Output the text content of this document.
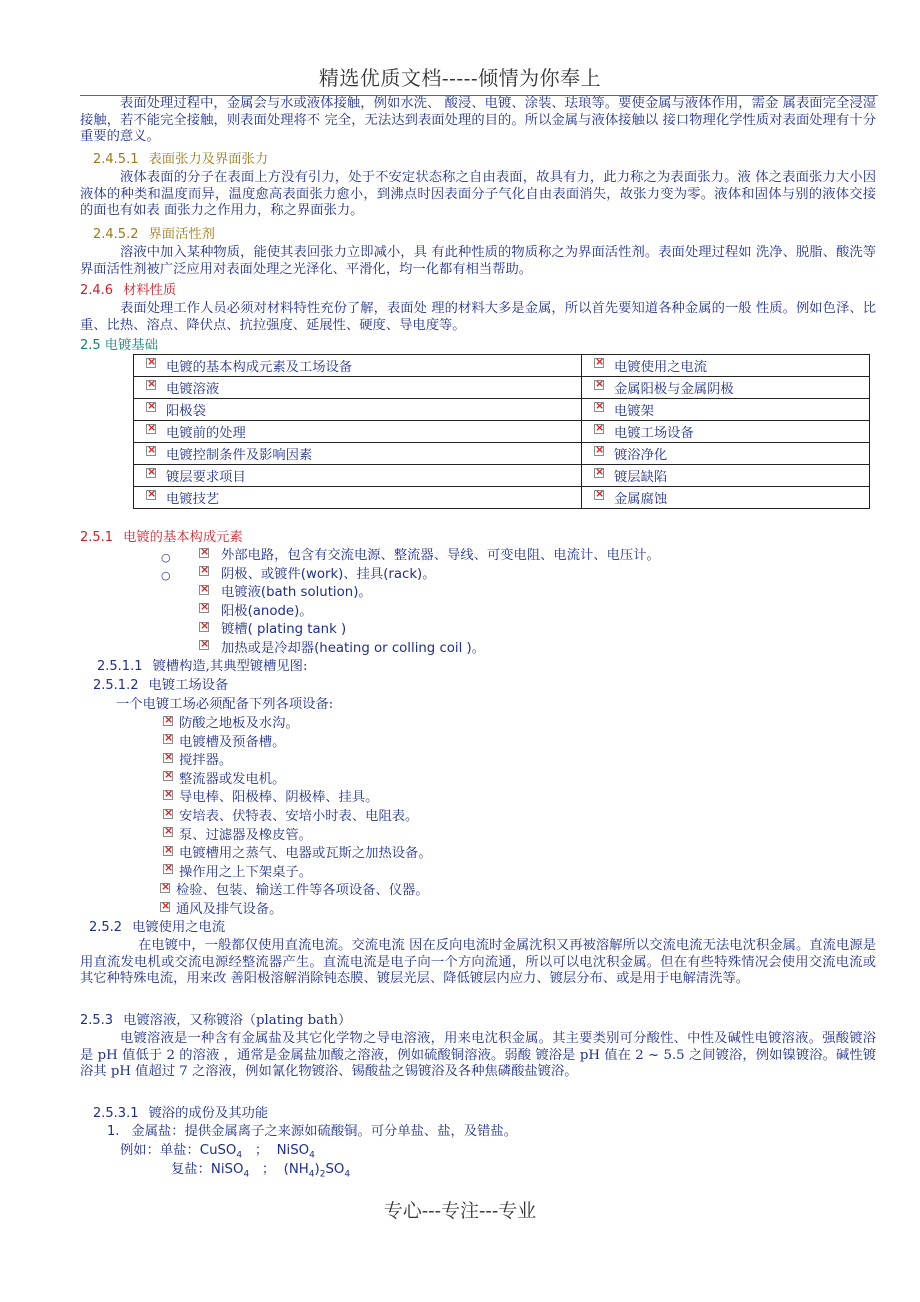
精选优质文档-----倾情为你奉上
表面处理过程中，金属会与水或液体接触，例如水洗、 酸浸、电镀、涂装、珐琅等。要使金属与液体作用，需金 属表面完全浸湿接触，若不能完全接触，则表面处理将不 完全，无法达到表面处理的目的。所以金属与液体接触以 接口物理化学性质对表面处理有十分重要的意义。
2.4.5.1 表面张力及界面张力
液体表面的分子在表面上方没有引力，处于不安定状态称之自由表面，故具有力，此力称之为表面张力。液 体之表面张力大小因液体的种类和温度而异，温度愈高表面张力愈小，到沸点时因表面分子气化自由表面消失，故张力变为零。液体和固体与别的液体交接的面也有如表 面张力之作用力，称之界面张力。
2.4.5.2 界面活性剂
溶液中加入某种物质，能使其表回张力立即减小，具 有此种性质的物质称之为界面活性剂。表面处理过程如 洗净、脱脂、酸洗等界面活性剂被广泛应用对表面处理之光泽化、平滑化，均一化都有相当帮助。
2.4.6 材料性质
表面处理工作人员必须对材料特性充份了解，表面处 理的材料大多是金属，所以首先要知道各种金属的一般 性质。例如色泽、比重、比热、溶点、降伏点、抗拉强度、延展性、硬度、导电度等。
2.5 电镀基础
×电镀的基本构成元素及工场设备	×电镀使用之电流
×电镀溶液	×金属阳极与金属阴极
×阳极袋	×电镀架
×电镀前的处理	×电镀工场设备
×电镀控制条件及影响因素	×镀浴净化
×镀层要求项目	×镀层缺陷
×电镀技艺	×金属腐蚀
2.5.1 电镀的基本构成元素
○
○
×外部电路，包含有交流电源、整流器、导线、可变电阻、电流计、电压计。
×阴极、或镀件(work)、挂具(rack)。
×电镀液(bath solution)。
×阳极(anode)。
×镀槽( plating tank )
×加热或是冷却器(heating or colling coil )。
2.5.1.1 镀槽构造,其典型镀槽见图:
2.5.1.2 电镀工场设备
一个电镀工场必须配备下列各项设备:
×防酸之地板及水沟。
×电镀槽及预备槽。
×搅拌器。
×整流器或发电机。
×导电棒、阳极棒、阴极棒、挂具。
×安培表、伏特表、安培小时表、电阻表。
×泵、过滤器及橡皮管。
×电镀槽用之蒸气、电器或瓦斯之加热设备。
×操作用之上下架桌子。
×检验、包装、输送工件等各项设备、仪器。
×通风及排气设备。
2.5.2 电镀使用之电流
在电镀中，一般都仅使用直流电流。交流电流 因在反向电流时金属沈积又再被溶解所以交流电流无法电沈积金属。直流电源是用直流发电机或交流电源经整流器产生。直流电流是电子向一个方向流通，所以可以电沈积金属。但在有些特殊情况会使用交流电流或其它种特殊电流，用来改 善阳极溶解消除钝态膜、镀层光层、降低镀层内应力、镀层分布、或是用于电解清洗等。
2.5.3 电镀溶液，又称镀浴（plating bath）
电镀溶液是一种含有金属盐及其它化学物之导电溶液，用来电沈积金属。其主要类别可分酸性、中性及碱性电镀溶液。强酸镀浴是 pH 值低于 2 的溶液 ，通常是金属盐加酸之溶液，例如硫酸铜溶液。弱酸 镀浴是 pH 值在 2 ~ 5.5 之间镀浴，例如镍镀浴。碱性镀浴其 pH 值超过 7 之溶液，例如氰化物镀浴、锡酸盐之锡镀浴及各种焦磷酸盐镀浴。
2.5.3.1 镀浴的成份及其功能
1. 金属盐：提供金属离子之来源如硫酸铜。可分单盐、盐，及错盐。
例如：单盐：CuSO$_4$ ； NiSO$_4$
复盐：NiSO$_4$ ； $(NH_4)_2SO_4$
专心---专注---专业
